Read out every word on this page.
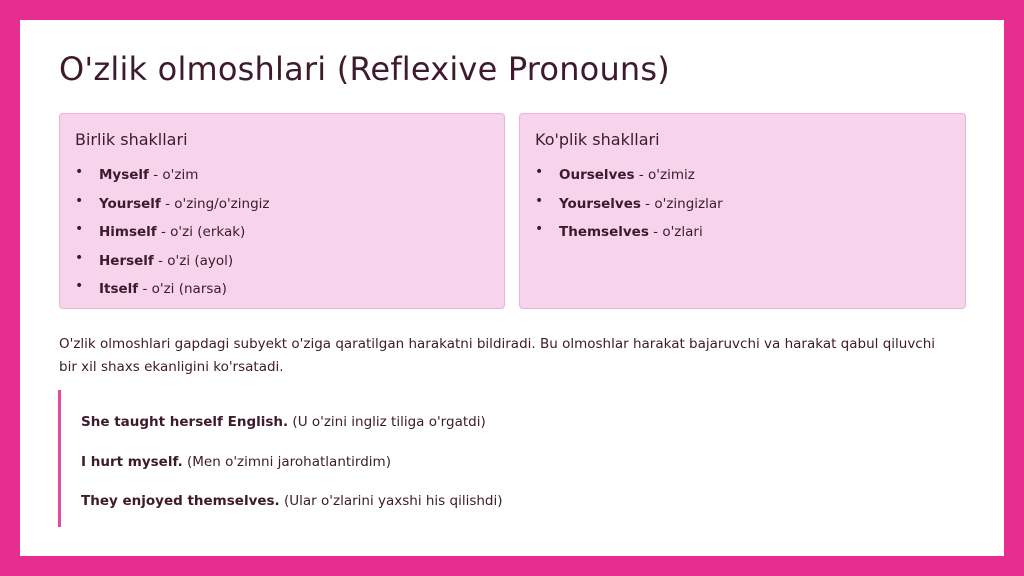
O'zlik olmoshlari (Reflexive Pronouns)
Birlik shakllari
• Myself - o'zim
• Yourself - o'zing/o'zingiz
• Himself - o'zi (erkak)
• Herself - o'zi (ayol)
• Itself - o'zi (narsa)
Ko'plik shakllari
• Ourselves - o'zimiz
• Yourselves - o'zingizlar
• Themselves - o'zlari

O'zlik olmoshlari gapdagi subyekt o'ziga qaratilgan harakatni bildiradi. Bu olmoshlar harakat bajaruvchi va harakat qabul qiluvchi bir xil shaxs ekanligini ko'rsatadi.

She taught herself English. (U o'zini ingliz tiliga o'rgatdi)
I hurt myself. (Men o'zimni jarohatlantirdim)
They enjoyed themselves. (Ular o'zlarini yaxshi his qilishdi)
